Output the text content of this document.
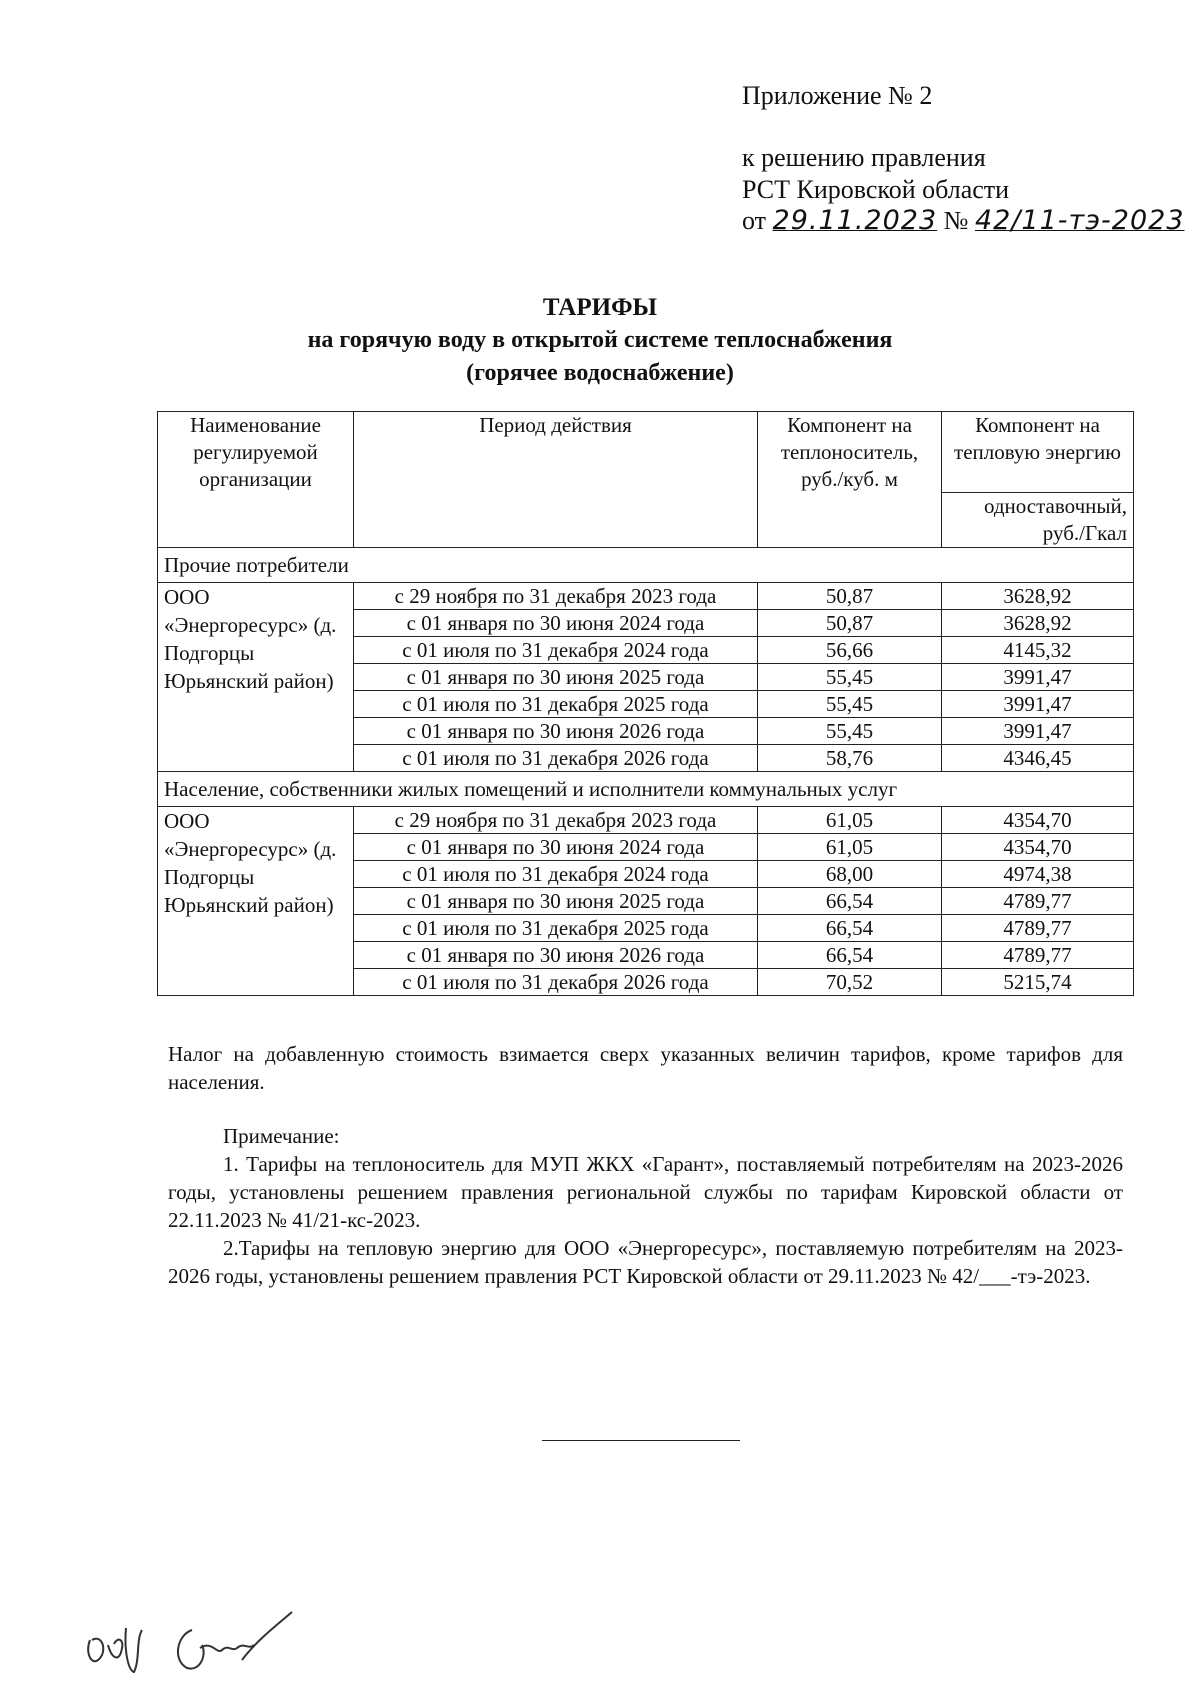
Приложение № 2
к решению правления
РСТ Кировской области
от 29.11.2023 № 42/11-тэ-2023
ТАРИФЫ
на горячую воду в открытой системе теплоснабжения
(горячее водоснабжение)
Наименование регулируемой организации	Период действия	Компонент на теплоноситель, руб./куб. м	Компонент на тепловую энергию
			одноставочный, руб./Гкал
Прочие потребители			
ООО «Энергоресурс» (д. Подгорцы Юрьянский район)	с 29 ноября по 31 декабря 2023 года	50,87	3628,92
	с 01 января по 30 июня 2024 года	50,87	3628,92
	с 01 июля по 31 декабря 2024 года	56,66	4145,32
	с 01 января по 30 июня 2025 года	55,45	3991,47
	с 01 июля по 31 декабря 2025 года	55,45	3991,47
	с 01 января по 30 июня 2026 года	55,45	3991,47
	с 01 июля по 31 декабря 2026 года	58,76	4346,45
Население, собственники жилых помещений и исполнители коммунальных услуг			
ООО «Энергоресурс» (д. Подгорцы Юрьянский район)	с 29 ноября по 31 декабря 2023 года	61,05	4354,70
	с 01 января по 30 июня 2024 года	61,05	4354,70
	с 01 июля по 31 декабря 2024 года	68,00	4974,38
	с 01 января по 30 июня 2025 года	66,54	4789,77
	с 01 июля по 31 декабря 2025 года	66,54	4789,77
	с 01 января по 30 июня 2026 года	66,54	4789,77
	с 01 июля по 31 декабря 2026 года	70,52	5215,74
Налог на добавленную стоимость взимается сверх указанных величин тарифов, кроме тарифов для населения.
Примечание:
1. Тарифы на теплоноситель для МУП ЖКХ «Гарант», поставляемый потребителям на 2023-2026 годы, установлены решением правления региональной службы по тарифам Кировской области от 22.11.2023 № 41/21-кс-2023.
2.Тарифы на тепловую энергию для ООО «Энергоресурс», поставляемую потребителям на 2023-2026 годы, установлены решением правления РСТ Кировской области от 29.11.2023 № 42/___-тэ-2023.
